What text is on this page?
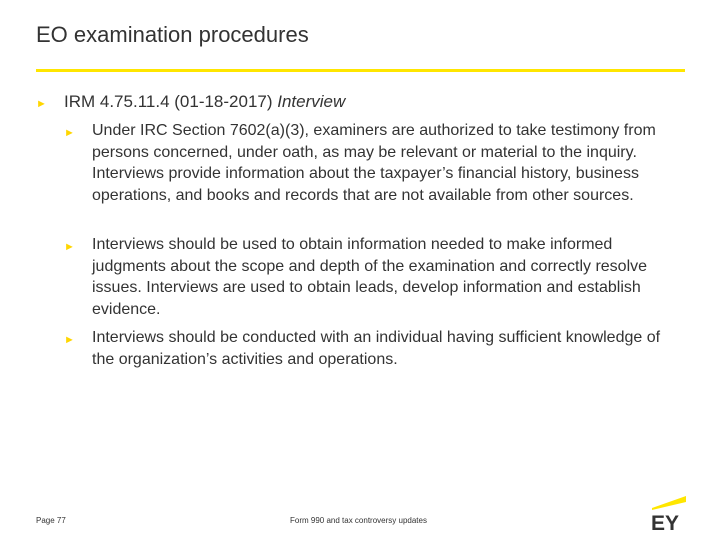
EO examination procedures
► IRM 4.75.11.4 (01-18-2017) Interview
► Under IRC Section 7602(a)(3), examiners are authorized to take testimony from persons concerned, under oath, as may be relevant or material to the inquiry. Interviews provide information about the taxpayer’s financial history, business operations, and books and records that are not available from other sources.
► Interviews should be used to obtain information needed to make informed judgments about the scope and depth of the examination and correctly resolve issues. Interviews are used to obtain leads, develop information and establish evidence.
► Interviews should be conducted with an individual having sufficient knowledge of the organization’s activities and operations.
Page 77	Form 990 and tax controversy updates	EY
